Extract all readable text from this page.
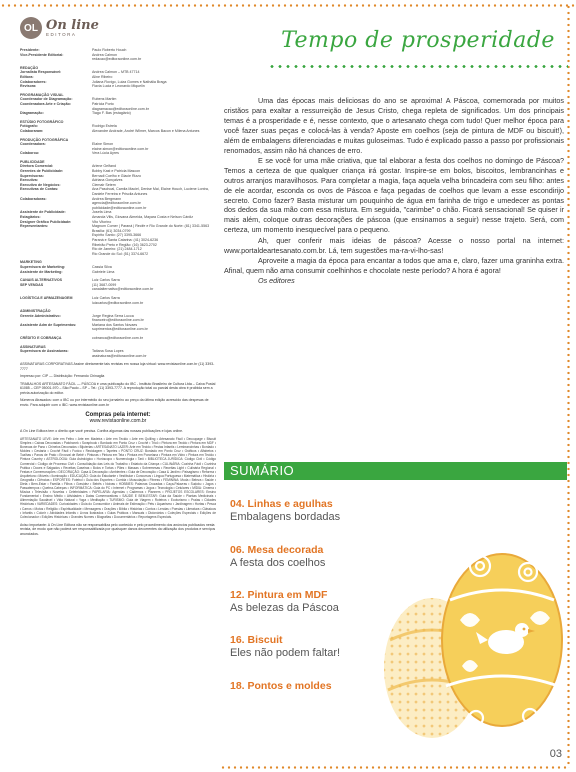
OL On line
EDITORA
Presidente:	Paulo Roberto Houch
Vice-Presidente Editorial:	Andrea Calmon
redacao@editoraonline.com.br
REDAÇÃO
Jornalista Responsável:	Andrea Calmon – MTB 47714
Editora:	Aline Ribeiro
Colaboradores:	Juliana Rovigo, Luiza Gomes e Nathália Braga
Revisora:	Flavia Lucia e Leonardo Miquelin
PROGRAMAÇÃO VISUAL
Coordenador de Diagramação:	Rubens Martim
Coordenadora Arte e Criação:	Patrícia Porto
diagramacao@editoraonline.com.br
Diagramação:	Tiago F. Bas (estagiário)
ESTÚDIO FOTOGRÁFICO
Fotógrafo:	Rodrigo Estrela
Colaboraram:	Alexandre Andrade, André Wilmer, Marcos Bacon e Milena Antunes
PRODUÇÃO FOTOGRÁFICA
Coordenadora:	Elaine Simon
elaine.simon@editoraonline.com.br
Colaborou:	Vera Lúcia Ayres
PUBLICIDADE
Diretora Comercial:	Arlene Gelfand
Gerentes de Publicidade:	Bobby Kast e Patrícia Mascon
Supervisoras:	Bernadi Coelho e Glacie Rizzo
Executiva:	Adriana Gonçalves
Executivo de Negócios:	Clemair Setem
Executivas de Contas:	Ana Paschoal, Camila Maciel, Denise Mai, Elaine Houch, Luciene Lontra, Daniele Ferreira e Priscila Antunes
Colaboradoras:	Andrea Bergmann
agencia@editoraonline.com.br
publicidade@editoraonline.com.br
Assistente de Publicidade:	Josefa Lima
Estagiários:	Amanda Vilis, Giovana Almeida, Mayara Costa e Nelson Cárdiz
Designer Gráfico Publicidade:	Vito Vitorino
Representantes:	Magnum Comer | Paraná | Recife e Rio Grande do Norte: (81) 3341-5563
Brasília: (61) 3034-0799
Espírito Santo: (27) 3395-3666
Paraná e Santa Catarina: (41) 3024-6236
Ribeirão Preto e Região: (16) 3623-2702
Rio de Janeiro: (21) 2484-1712
Rio Grande do Sul: (51) 3374-6672
MARKETING
Supervisora de Marketing:	Cassia Silva
Assistente de Marketing:	Gabriele Lima
CANAIS ALTERNATIVOS	Luiz Carlos Sarra
SEP VENDAS	(11) 3687-0099
canalalternativo@editoraonline.com.br
LOGÍSTICA E ARMAZENAGEM	Luiz Carlos Sarra
luizcarlos@editoraonline.com.br
ADMINISTRAÇÃO
Gerente Administrativo:	Jorge Regina Serra Lucca
financeiro@editoraonline.com.br
Assistente Adm de Suprimentos:	Mariana dos Santos Novaes
suprimentos@editoraonline.com.br
CRÉDITO E COBRANÇA	cobranca@editoraonline.com.br
ASSINATURAS
Supervisora de Assinaturas:	Tatiana Sosa Lopes
assinaturas@editoraonline.com.br
ASSINATURAS CORPORATIVAS Assine diretamente tais revistas em nossa loja virtual: www.revistaonline.com.br (11) 3393-7777
Impresso por: CIP — Distribuição: Fernando Chinaglia
TRABALHOS ARTESANATO FÁCIL — PÁSCOA é uma publicação do IBC - Instituto Brasileiro de Cultura Ltda – Caixa Postal 61085 – CEP 05001-970 – São Paulo – SP – Tel.: (11) 3393-7777. A reprodução total ou parcial desta obra é proibida sem a prévia autorização do editor.
Números Atrasados: com o IBC ou por intermédio do seu jornaleiro ao preço da última edição acrescido das despesas de envio. Para adquirir com o IBC: www.revistaonline.com.br
Compras pela internet:
www.revistaonline.com.br
A On Line Editora tem o direito que você precisa. Confira algumas das nossas publicações e lojas online.
ARTESANATO LEVE: Arte em Feltro • Arte em Madeira • Arte em Tecido • Arte em Quilling • Artesanato Fácil • Decoupage • Biscuit Simples • Caixas Decoradas • Patchwork • Scrapbook • Bordado em Ponto Cruz • Crochê • Tricô • Pintura em Tecido • Pintura em MDF • Bonecas de Pano • Chinelos Decorados • Bijuterias • ARTESANATO LAZER: Arte em Tecido • Festas Infantis • Lembrancinhas • Bordado • Moldes • Cestaria • Crochê Fácil • Fuxico • Reciclagem • Tapetes • PONTO CRUZ: Bordado em Ponto Cruz • Gráficos • Alfabetos • Toalhas • Panos de Prato • Enxoval de Bebê • Pinturas • Pintura em Tela • Pintura em Porcelana • Pintura em Vidro • Pintura em Tecido • Pintura Country • ASTROLOGIA: Guia Astrológico • Horóscopo • Numerologia • Tarô • BIBLIOTECA JURÍDICA: Código Civil • Código Comercial • Código de Processo Civil • Consolidação das Leis do Trabalho • Estatuto da Criança • CULINÁRIA: Cozinha Fácil • Cozinha Prática • Doces e Salgados • Receitas Caseiras • Bolos e Tortas • Pães • Massas • Sobremesas • Receitas Light • Culinária Regional • Festas e Comemorações • DECORAÇÃO: Casa & Decoração • Ambientes • Guia de Decoração • Casa & Jardim • Paisagismo • Reforma • Arquitetura • Móveis • Iluminação • EDUCAÇÃO: Guia do Estudante • Vestibular • Concursos • Língua Portuguesa • Matemática • História • Geografia • Ciências • ESPORTES: Futebol • Guia dos Esportes • Corrida • Musculação • Fitness • FEMININA: Moda • Beleza • Saúde • Dieta • Bem-Estar • Família • Filhos • Gravidez • Bebês • Noivas • HOBBIES: Palavras Cruzadas • Caça-Palavras • Sudoku • Jogos • Passatempos • Quebra-Cabeças • INFORMÁTICA: Guia do PC • Internet • Programas • Jogos • Tecnologia • Celulares • MÍDIA: Cinema • Música • Televisão • Novelas • Celebridades • PAPELARIA: Agendas • Cadernos • Planners • PROJETOS ESCOLARES: Ensino Fundamental • Ensino Médio • Atividades • Datas Comemorativas • SAÚDE E BEM-ESTAR: Guia da Saúde • Plantas Medicinais • Alimentação Saudável • Vida Natural • Yoga • Meditação • TURISMO: Guia de Viagem • Roteiros • Ecoturismo • Praias • Cidades Históricas • VARIEDADES: Curiosidades • Guia do Consumidor • Animais de Estimação • Pets • Aquarismo • Jardinagem • Hortas • Pesca • Carros • Motos • Religião • Espiritualidade • Mensagens • Orações • Bíblia • Histórias • Contos • Lendas • Poesias • Literatura • Clássicos • Infantis • Colorir • Atividades Infantis • Livros Ilustrados • Guias Práticos • Manuais • Dicionários • Coleções Especiais • Edições de Colecionador • Edições Históricas • Grandes Nomes • Biografias • Documentários • Reportagens Especiais.
Aviso importante: A On Line Editora não se responsabiliza pelo conteúdo e pelo procedimento dos anúncios publicados nesta revista, de modo que não poderá ser responsabilizada por quaisquer danos decorrentes da utilização dos produtos e serviços anunciados.
Tempo de prosperidade

Uma das épocas mais deliciosas do ano se aproxima! A Páscoa, comemorada por muitos cristãos para exaltar a ressurreição de Jesus Cristo, chega repleta de significados. Um dos principais temas é a prosperidade e é, nesse contexto, que o artesanato chega com tudo! Quer melhor época para você fazer suas peças e colocá-las à venda? Aposte em coelhos (seja de pintura de MDF ou biscuit!), além de embalagens diferenciadas e muitas guloseimas. Tudo é explicado passo a passo por profissionais renomados, assim não há chances de erro.

E se você for uma mãe criativa, que tal elaborar a festa dos coelhos no domingo de Páscoa? Temos a certeza de que qualquer criança irá gostar. Inspire-se em bolos, biscoitos, lembrancinhas e outros arranjos maravilhosos. Para completar a magia, faça aquela velha brincadeira com seu filho: antes de ele acordar, esconda os ovos de Páscoa e faça pegadas de coelhos que levam a esse escondirijo secreto. Como fazer? Basta misturar um pouquinho de água em farinha de trigo e umedecer as pontas dos dedos da sua mão com essa mistura. Em seguida, "carimbe" o chão. Ficará sensacional! Se quiser ir mais além, coloque outras decorações de páscoa (que ensinamos a seguir) nesse trajeto. Será, com certeza, um momento inesquecível para o pequeno.

Ah, quer conferir mais ideias de páscoa? Acesse o nosso portal na internet: www.portaldeartesanato.com.br. Lá, tem sugestões ma-ra-vi-lho-sas!

Aproveite a magia da época para encantar a todos que ama e, claro, fazer uma graninha extra. Afinal, quem não ama consumir coelhinhos e chocolate neste período? A hora é agora!

Os editores

SUMÁRIO
04. Linhas e agulhas
Embalagens bordadas
06. Mesa decorada
A festa dos coelhos
12. Pintura em MDF
As belezas da Páscoa
16. Biscuit
Eles não podem faltar!
18. Pontos e moldes
03
